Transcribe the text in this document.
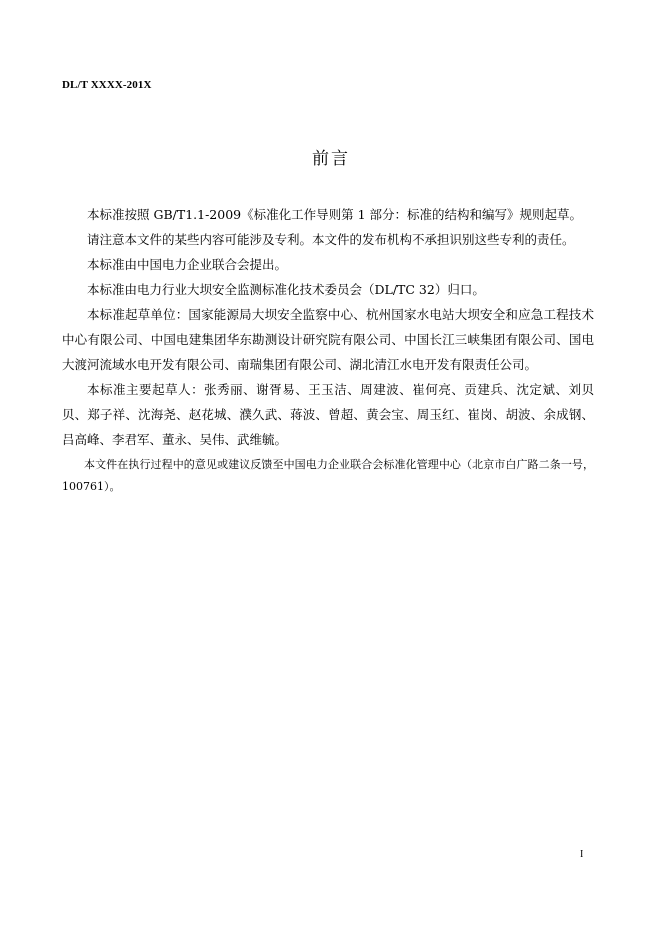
DL/T XXXX-201X
前言

本标准按照 GB/T1.1-2009《标准化工作导则第 1 部分：标准的结构和编写》规则起草。

请注意本文件的某些内容可能涉及专利。本文件的发布机构不承担识别这些专利的责任。

本标准由中国电力企业联合会提出。

本标准由电力行业大坝安全监测标准化技术委员会（DL/TC 32）归口。

本标准起草单位：国家能源局大坝安全监察中心、杭州国家水电站大坝安全和应急工程技术中心有限公司、中国电建集团华东勘测设计研究院有限公司、中国长江三峡集团有限公司、国电大渡河流域水电开发有限公司、南瑞集团有限公司、湖北清江水电开发有限责任公司。

本标准主要起草人：张秀丽、谢胥易、王玉洁、周建波、崔何亮、贡建兵、沈定斌、刘贝贝、郑子祥、沈海尧、赵花城、濮久武、蒋波、曾超、黄会宝、周玉红、崔岗、胡波、余成钢、吕高峰、李君军、董永、吴伟、武维毓。

本文件在执行过程中的意见或建议反馈至中国电力企业联合会标准化管理中心（北京市白广路二条一号，100761）。

I
